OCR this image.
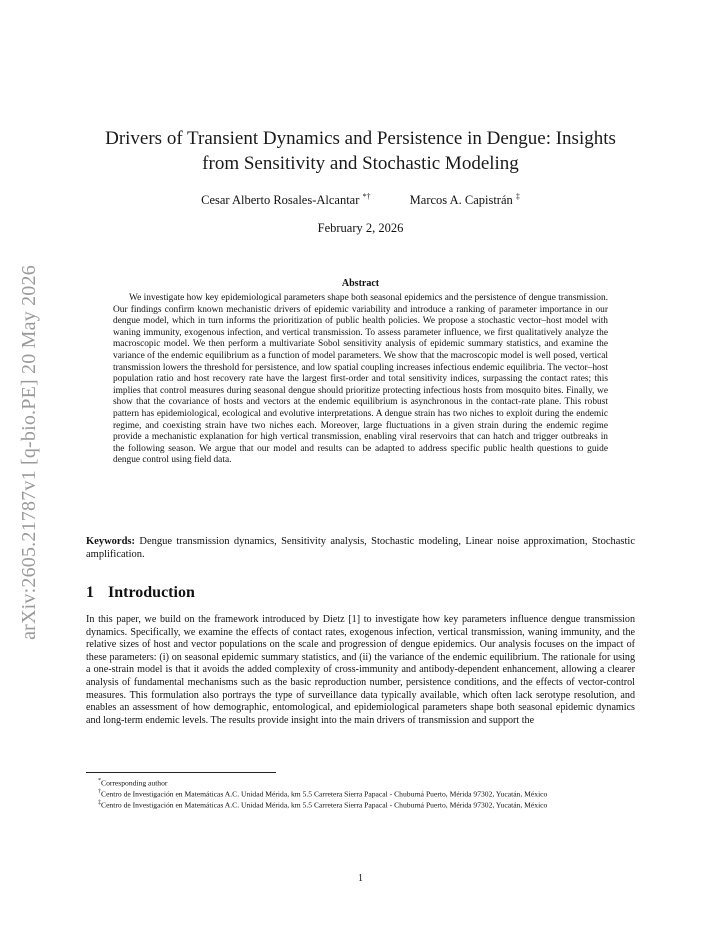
arXiv:2605.21787v1 [q-bio.PE] 20 May 2026
Drivers of Transient Dynamics and Persistence in Dengue: Insights from Sensitivity and Stochastic Modeling
Cesar Alberto Rosales-Alcantar *†	Marcos A. Capistrán ‡
February 2, 2026
Abstract

We investigate how key epidemiological parameters shape both seasonal epidemics and the persistence of dengue transmission. Our findings confirm known mechanistic drivers of epidemic variability and introduce a ranking of parameter importance in our dengue model, which in turn informs the prioritization of public health policies. We propose a stochastic vector–host model with waning immunity, exogenous infection, and vertical transmission. To assess parameter influence, we first qualitatively analyze the macroscopic model. We then perform a multivariate Sobol sensitivity analysis of epidemic summary statistics, and examine the variance of the endemic equilibrium as a function of model parameters. We show that the macroscopic model is well posed, vertical transmission lowers the threshold for persistence, and low spatial coupling increases infectious endemic equilibria. The vector–host population ratio and host recovery rate have the largest first-order and total sensitivity indices, surpassing the contact rates; this implies that control measures during seasonal dengue should prioritize protecting infectious hosts from mosquito bites. Finally, we show that the covariance of hosts and vectors at the endemic equilibrium is asynchronous in the contact-rate plane. This robust pattern has epidemiological, ecological and evolutive interpretations. A dengue strain has two niches to exploit during the endemic regime, and coexisting strain have two niches each. Moreover, large fluctuations in a given strain during the endemic regime provide a mechanistic explanation for high vertical transmission, enabling viral reservoirs that can hatch and trigger outbreaks in the following season. We argue that our model and results can be adapted to address specific public health questions to guide dengue control using field data.

Keywords: Dengue transmission dynamics, Sensitivity analysis, Stochastic modeling, Linear noise approximation, Stochastic amplification.

1 Introduction

In this paper, we build on the framework introduced by Dietz [1] to investigate how key parameters influence dengue transmission dynamics. Specifically, we examine the effects of contact rates, exogenous infection, vertical transmission, waning immunity, and the relative sizes of host and vector populations on the scale and progression of dengue epidemics. Our analysis focuses on the impact of these parameters: (i) on seasonal epidemic summary statistics, and (ii) the variance of the endemic equilibrium. The rationale for using a one-strain model is that it avoids the added complexity of cross-immunity and antibody-dependent enhancement, allowing a clearer analysis of fundamental mechanisms such as the basic reproduction number, persistence conditions, and the effects of vector-control measures. This formulation also portrays the type of surveillance data typically available, which often lack serotype resolution, and enables an assessment of how demographic, entomological, and epidemiological parameters shape both seasonal epidemic dynamics and long-term endemic levels. The results provide insight into the main drivers of transmission and support the

*Corresponding author

†Centro de Investigación en Matemáticas A.C. Unidad Mérida, km 5.5 Carretera Sierra Papacal - Chuburná Puerto, Mérida 97302, Yucatán, México

‡Centro de Investigación en Matemáticas A.C. Unidad Mérida, km 5.5 Carretera Sierra Papacal - Chuburná Puerto, Mérida 97302, Yucatán, México

1
